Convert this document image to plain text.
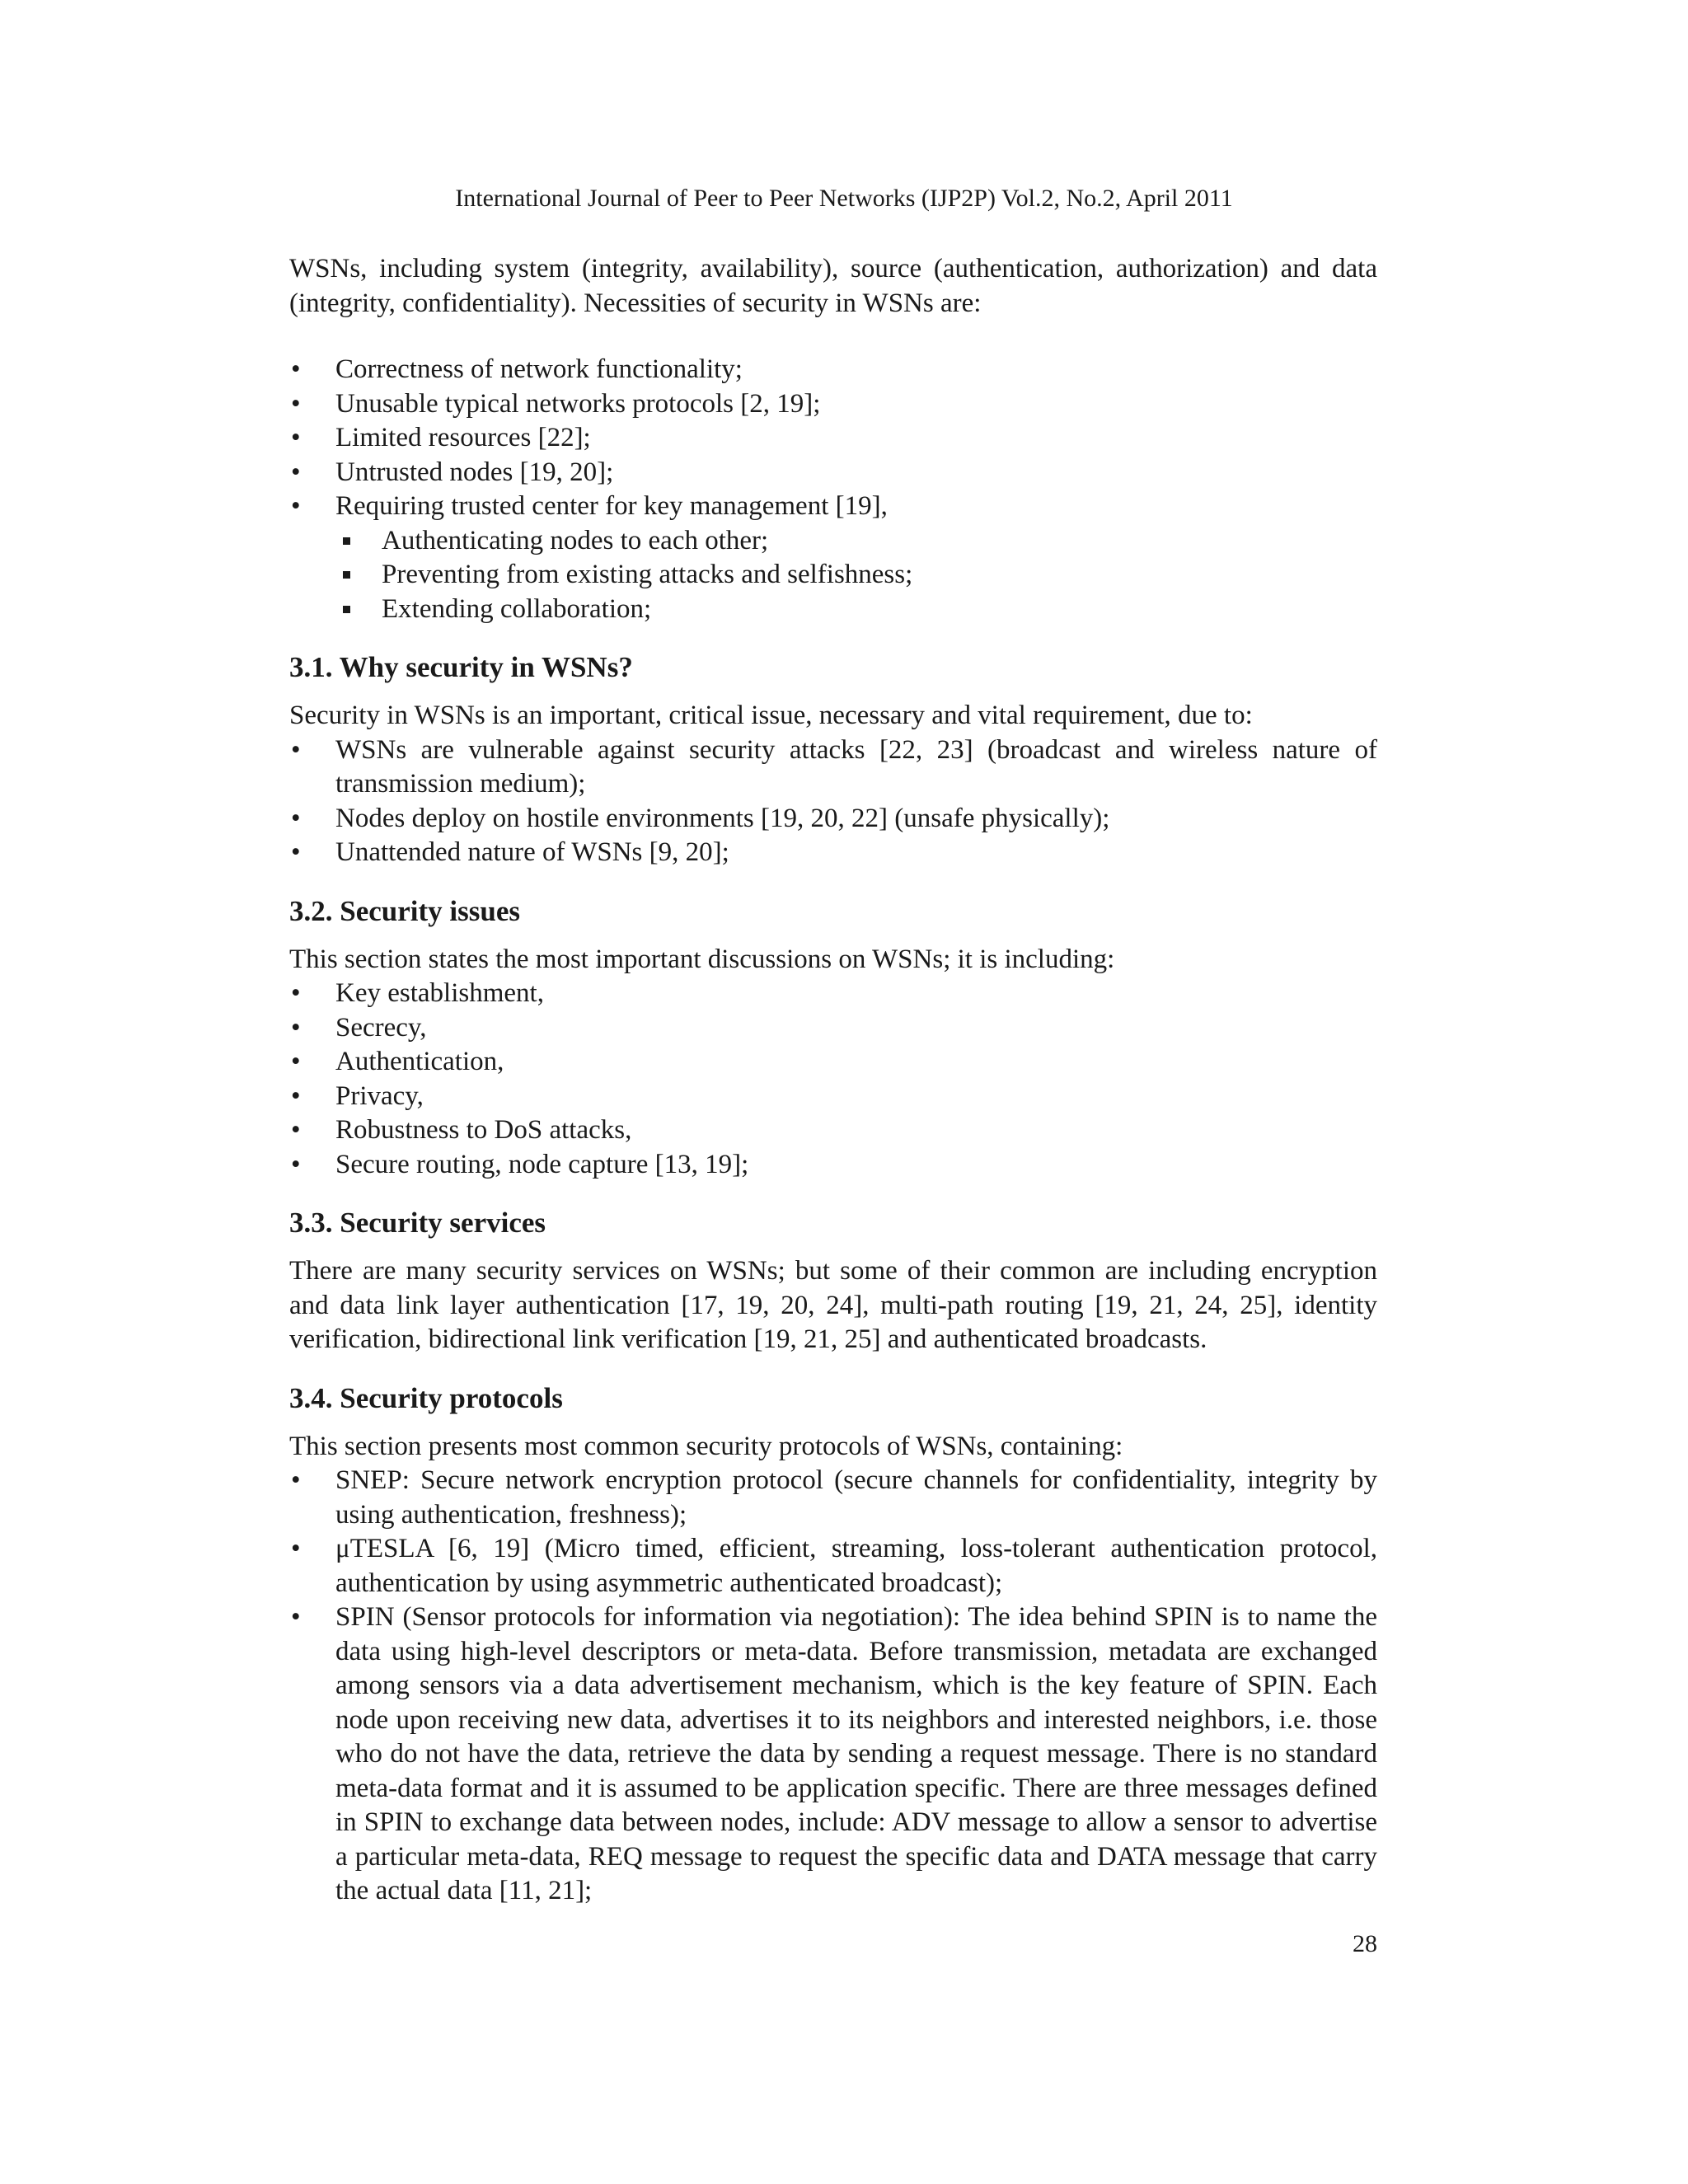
International Journal of Peer to Peer Networks (IJP2P) Vol.2, No.2, April 2011

WSNs, including system (integrity, availability), source (authentication, authorization) and data (integrity, confidentiality). Necessities of security in WSNs are:

•	Correctness of network functionality;
•	Unusable typical networks protocols [2, 19];
•	Limited resources [22];
•	Untrusted nodes [19, 20];
•	Requiring trusted center for key management [19],
Authenticating nodes to each other;
Preventing from existing attacks and selfishness;
Extending collaboration;
3.1. Why security in WSNs?

Security in WSNs is an important, critical issue, necessary and vital requirement, due to:

•	WSNs are vulnerable against security attacks [22, 23] (broadcast and wireless nature of transmission medium);
•	Nodes deploy on hostile environments [19, 20, 22] (unsafe physically);
•	Unattended nature of WSNs [9, 20];
3.2. Security issues

This section states the most important discussions on WSNs; it is including:

•	Key establishment,
•	Secrecy,
•	Authentication,
•	Privacy,
•	Robustness to DoS attacks,
•	Secure routing, node capture [13, 19];
3.3. Security services

There are many security services on WSNs; but some of their common are including encryption and data link layer authentication [17, 19, 20, 24], multi-path routing [19, 21, 24, 25], identity verification, bidirectional link verification [19, 21, 25] and authenticated broadcasts.

3.4. Security protocols

This section presents most common security protocols of WSNs, containing:

•	SNEP: Secure network encryption protocol (secure channels for confidentiality, integrity by using authentication, freshness);
•	μTESLA [6, 19] (Micro timed, efficient, streaming, loss-tolerant authentication protocol, authentication by using asymmetric authenticated broadcast);
•	SPIN (Sensor protocols for information via negotiation): The idea behind SPIN is to name the data using high-level descriptors or meta-data. Before transmission, metadata are exchanged among sensors via a data advertisement mechanism, which is the key feature of SPIN. Each node upon receiving new data, advertises it to its neighbors and interested neighbors, i.e. those who do not have the data, retrieve the data by sending a request message. There is no standard meta-data format and it is assumed to be application specific. There are three messages defined in SPIN to exchange data between nodes, include: ADV message to allow a sensor to advertise a particular meta-data, REQ message to request the specific data and DATA message that carry the actual data [11, 21];
28
